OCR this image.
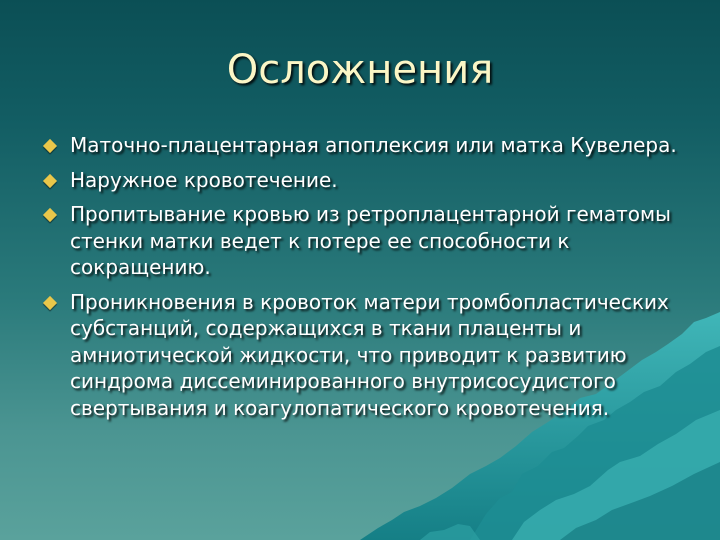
Осложнения
Маточно-плацентарная апоплексия или матка Кувелера.
Наружное кровотечение.
Пропитывание кровью из ретроплацентарной гематомы стенки матки ведет к потере ее способности к сокращению.
Проникновения в кровоток матери тромбопластических субстанций, содержащихся в ткани плаценты и амниотической жидкости, что приводит к развитию синдрома диссеминированного внутрисосудистого свертывания и коагулопатического кровотечения.
